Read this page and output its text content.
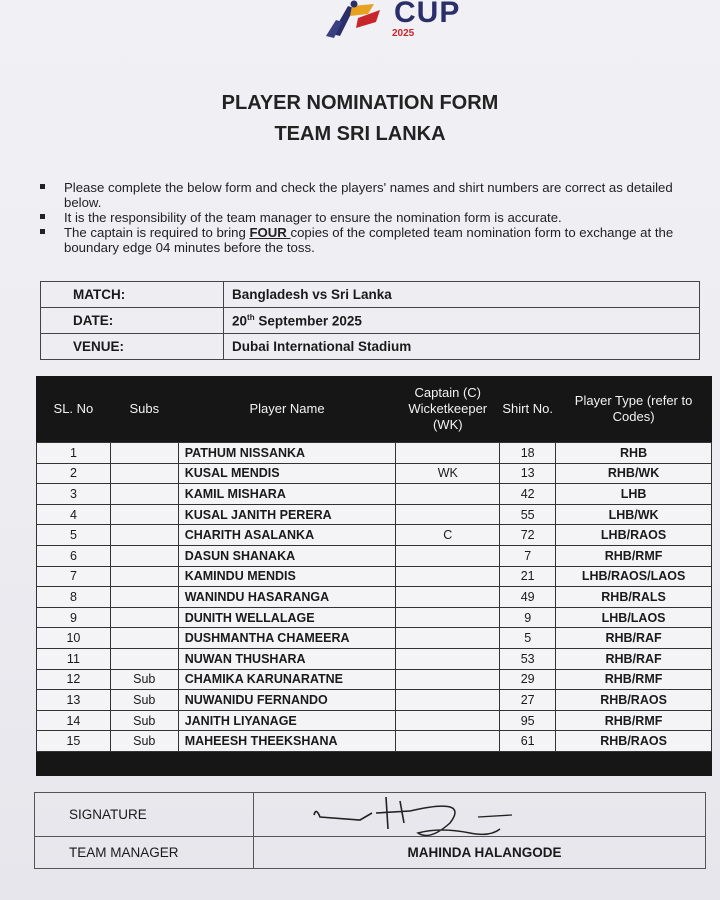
CUP
2025
PLAYER NOMINATION FORM
TEAM SRI LANKA
Please complete the below form and check the players' names and shirt numbers are correct as detailed below.
It is the responsibility of the team manager to ensure the nomination form is accurate.
The captain is required to bring FOUR copies of the completed team nomination form to exchange at the boundary edge 04 minutes before the toss.
MATCH:	Bangladesh vs Sri Lanka
DATE:	20th September 2025
VENUE:	Dubai International Stadium
SL. No	Subs	Player Name	Captain (C) Wicketkeeper (WK)	Shirt No.	Player Type (refer to Codes)
1		PATHUM NISSANKA		18	RHB
2		KUSAL MENDIS	WK	13	RHB/WK
3		KAMIL MISHARA		42	LHB
4		KUSAL JANITH PERERA		55	LHB/WK
5		CHARITH ASALANKA	C	72	LHB/RAOS
6		DASUN SHANAKA		7	RHB/RMF
7		KAMINDU MENDIS		21	LHB/RAOS/LAOS
8		WANINDU HASARANGA		49	RHB/RALS
9		DUNITH WELLALAGE		9	LHB/LAOS
10		DUSHMANTHA CHAMEERA		5	RHB/RAF
11		NUWAN THUSHARA		53	RHB/RAF
12	Sub	CHAMIKA KARUNARATNE		29	RHB/RMF
13	Sub	NUWANIDU FERNANDO		27	RHB/RAOS
14	Sub	JANITH LIYANAGE		95	RHB/RMF
15	Sub	MAHEESH THEEKSHANA		61	RHB/RAOS
SIGNATURE	
TEAM MANAGER	MAHINDA HALANGODE
